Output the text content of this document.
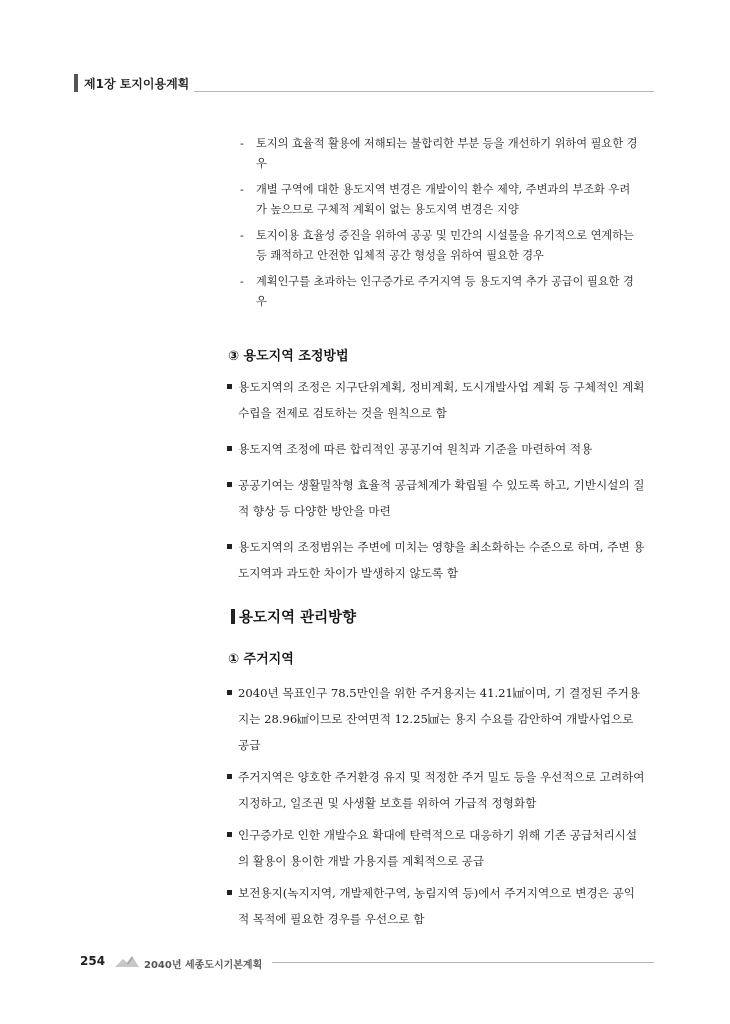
제1장 토지이용계획
- 토지의 효율적 활용에 저해되는 불합리한 부분 등을 개선하기 위하여 필요한 경우
- 개별 구역에 대한 용도지역 변경은 개발이익 환수 제약, 주변과의 부조화 우려가 높으므로 구체적 계획이 없는 용도지역 변경은 지양
- 토지이용 효율성 증진을 위하여 공공 및 민간의 시설물을 유기적으로 연계하는 등 쾌적하고 안전한 입체적 공간 형성을 위하여 필요한 경우
- 계획인구를 초과하는 인구증가로 주거지역 등 용도지역 추가 공급이 필요한 경우
③ 용도지역 조정방법
용도지역의 조정은 지구단위계획, 정비계획, 도시개발사업 계획 등 구체적인 계획수립을 전제로 검토하는 것을 원칙으로 함
용도지역 조정에 따른 합리적인 공공기여 원칙과 기준을 마련하여 적용
공공기여는 생활밀착형 효율적 공급체계가 확립될 수 있도록 하고, 기반시설의 질적 향상 등 다양한 방안을 마련
용도지역의 조정범위는 주변에 미치는 영향을 최소화하는 수준으로 하며, 주변 용도지역과 과도한 차이가 발생하지 않도록 함
용도지역 관리방향
① 주거지역
2040년 목표인구 78.5만인을 위한 주거용지는 41.21㎢이며, 기 결정된 주거용지는 28.96㎢이므로 잔여면적 12.25㎢는 용지 수요를 감안하여 개발사업으로 공급
주거지역은 양호한 주거환경 유지 및 적정한 주거 밀도 등을 우선적으로 고려하여 지정하고, 일조권 및 사생활 보호를 위하여 가급적 정형화함
인구증가로 인한 개발수요 확대에 탄력적으로 대응하기 위해 기존 공급처리시설의 활용이 용이한 개발 가용지를 계획적으로 공급
보전용지(녹지지역, 개발제한구역, 농림지역 등)에서 주거지역으로 변경은 공익적 목적에 필요한 경우를 우선으로 함
254	2040년 세종도시기본계획
